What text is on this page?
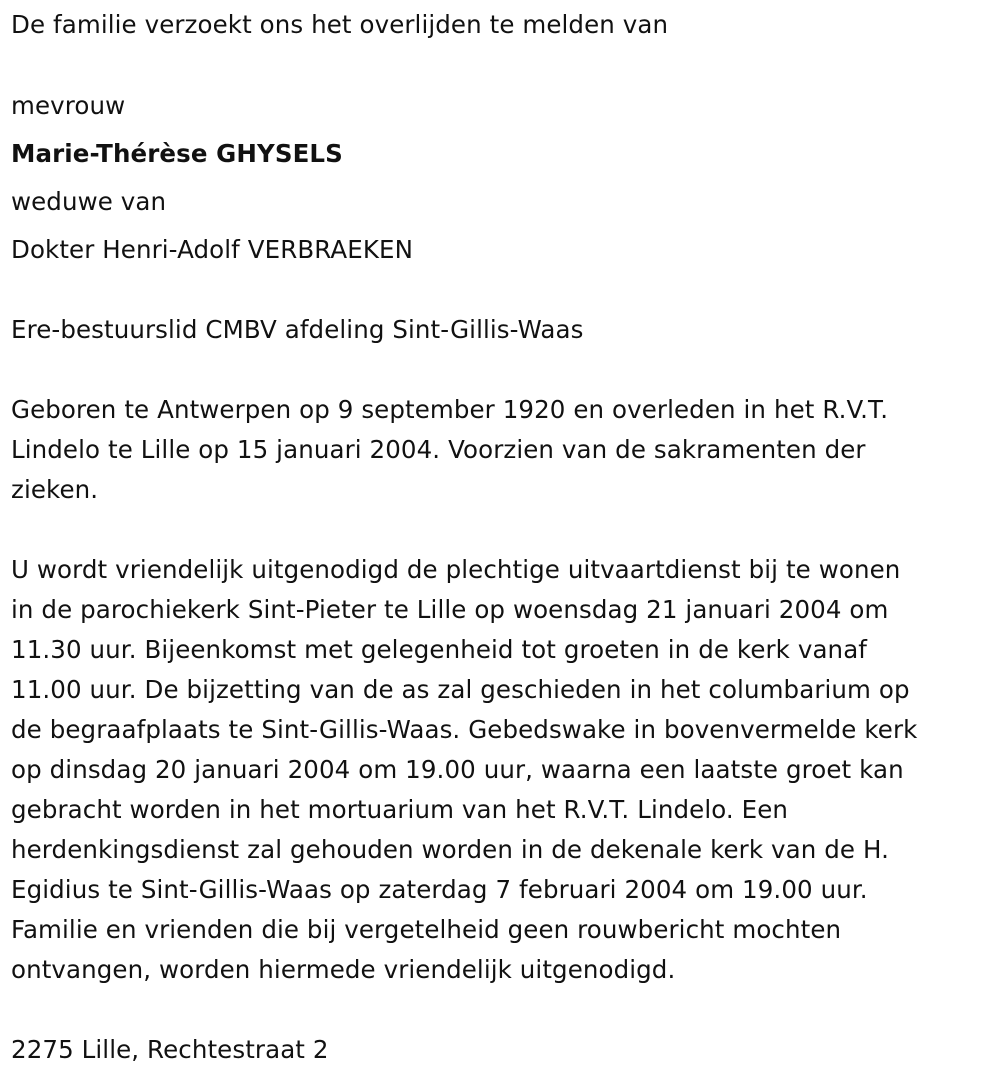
De familie verzoekt ons het overlijden te melden van
mevrouw
Marie-Thérèse GHYSELS
weduwe van
Dokter Henri-Adolf VERBRAEKEN
Ere-bestuurslid CMBV afdeling Sint-Gillis-Waas
Geboren te Antwerpen op 9 september 1920 en overleden in het R.V.T.
Lindelo te Lille op 15 januari 2004. Voorzien van de sakramenten der
zieken.
U wordt vriendelijk uitgenodigd de plechtige uitvaartdienst bij te wonen
in de parochiekerk Sint-Pieter te Lille op woensdag 21 januari 2004 om
11.30 uur. Bijeenkomst met gelegenheid tot groeten in de kerk vanaf
11.00 uur. De bijzetting van de as zal geschieden in het columbarium op
de begraafplaats te Sint-Gillis-Waas. Gebedswake in bovenvermelde kerk
op dinsdag 20 januari 2004 om 19.00 uur, waarna een laatste groet kan
gebracht worden in het mortuarium van het R.V.T. Lindelo. Een
herdenkingsdienst zal gehouden worden in de dekenale kerk van de H.
Egidius te Sint-Gillis-Waas op zaterdag 7 februari 2004 om 19.00 uur.
Familie en vrienden die bij vergetelheid geen rouwbericht mochten
ontvangen, worden hiermede vriendelijk uitgenodigd.
2275 Lille, Rechtestraat 2
